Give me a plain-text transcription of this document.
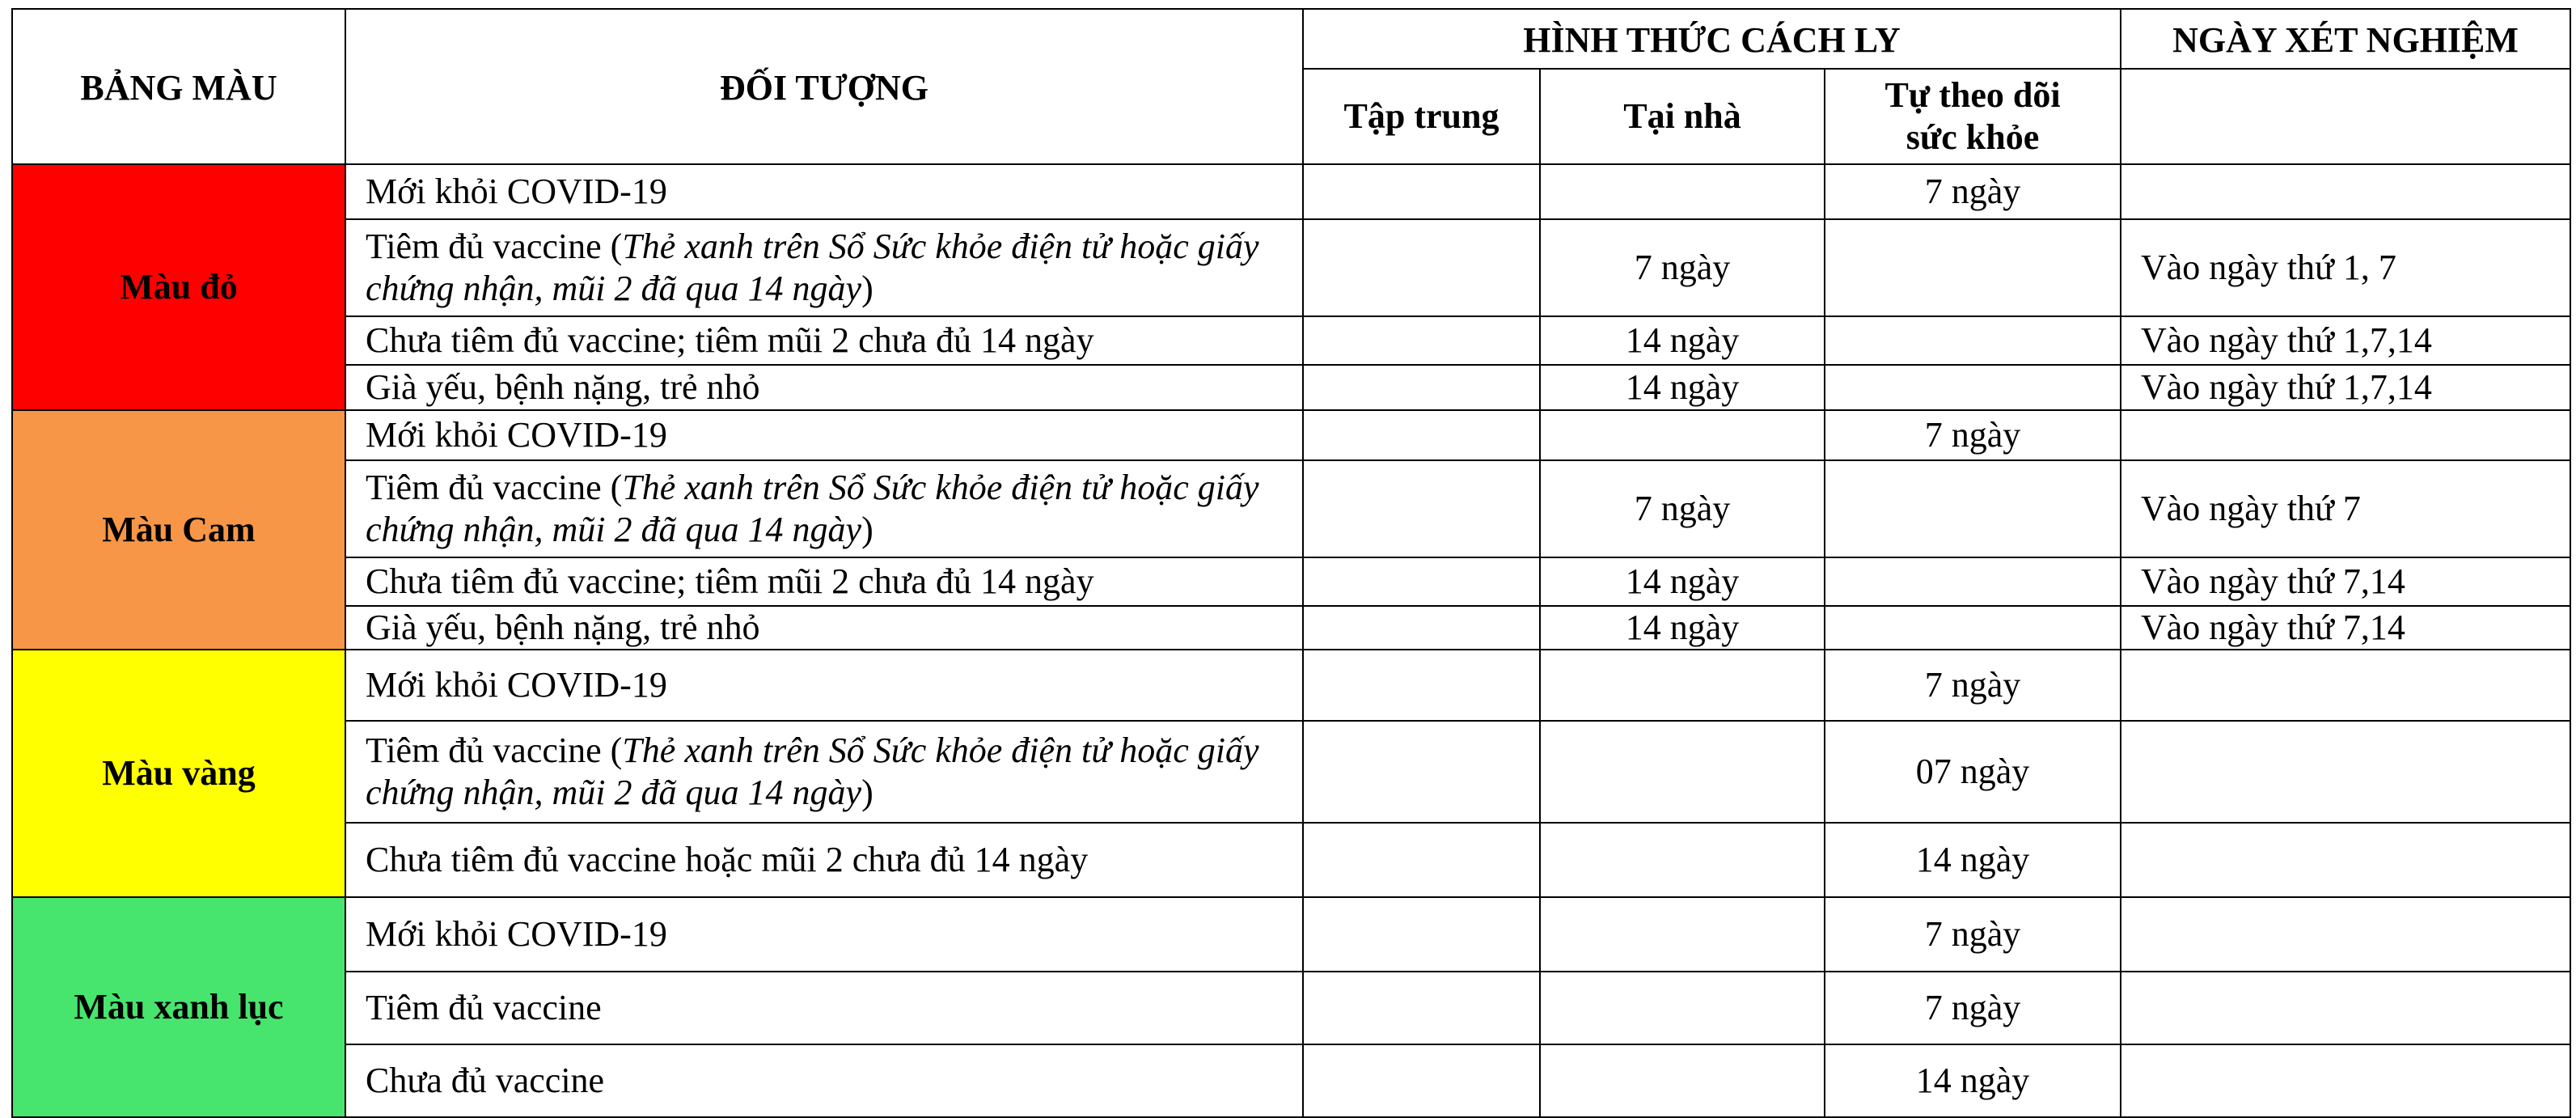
BẢNG MÀU	ĐỐI TƯỢNG	HÌNH THỨC CÁCH LY			NGÀY XÉT NGHIỆM
		Tập trung	Tại nhà	Tự theo dõi
sức khỏe	
Màu đỏ	Mới khỏi COVID-19			7 ngày	
	Tiêm đủ vaccine (Thẻ xanh trên Sổ Sức khỏe điện tử hoặc giấy chứng nhận, mũi 2 đã qua 14 ngày)		7 ngày		Vào ngày thứ 1, 7
	Chưa tiêm đủ vaccine; tiêm mũi 2 chưa đủ 14 ngày		14 ngày		Vào ngày thứ 1,7,14
	Già yếu, bệnh nặng, trẻ nhỏ		14 ngày		Vào ngày thứ 1,7,14
Màu Cam	Mới khỏi COVID-19			7 ngày	
	Tiêm đủ vaccine (Thẻ xanh trên Sổ Sức khỏe điện tử hoặc giấy chứng nhận, mũi 2 đã qua 14 ngày)		7 ngày		Vào ngày thứ 7
	Chưa tiêm đủ vaccine; tiêm mũi 2 chưa đủ 14 ngày		14 ngày		Vào ngày thứ 7,14
	Già yếu, bệnh nặng, trẻ nhỏ		14 ngày		Vào ngày thứ 7,14
Màu vàng	Mới khỏi COVID-19			7 ngày	
	Tiêm đủ vaccine (Thẻ xanh trên Sổ Sức khỏe điện tử hoặc giấy chứng nhận, mũi 2 đã qua 14 ngày)			07 ngày	
	Chưa tiêm đủ vaccine hoặc mũi 2 chưa đủ 14 ngày			14 ngày	
Màu xanh lục	Mới khỏi COVID-19			7 ngày	
	Tiêm đủ vaccine			7 ngày	
	Chưa đủ vaccine			14 ngày	
